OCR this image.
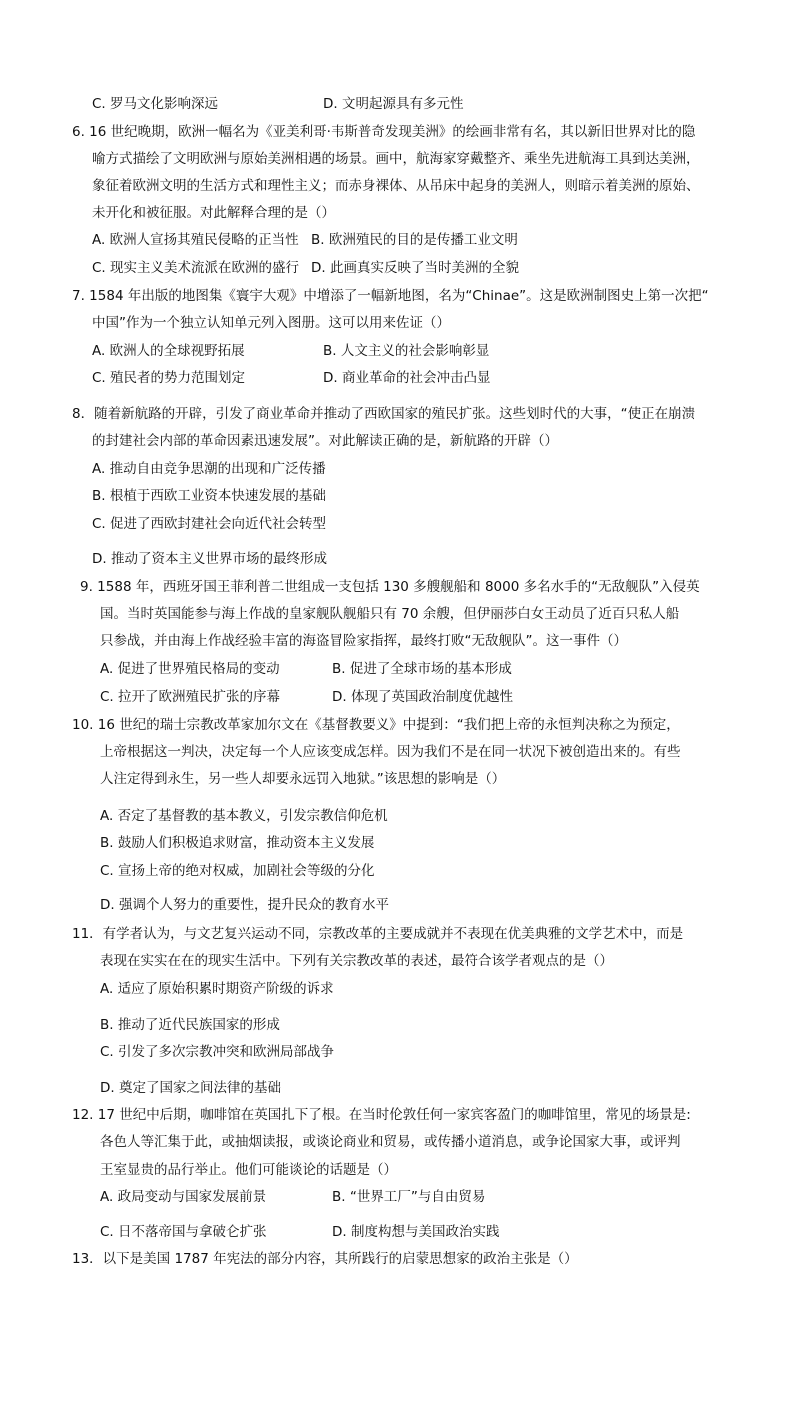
C. 罗马文化影响深远	D. 文明起源具有多元性
6. 16 世纪晚期，欧洲一幅名为《亚美利哥·韦斯普奇发现美洲》的绘画非常有名，其以新旧世界对比的隐
喻方式描绘了文明欧洲与原始美洲相遇的场景。画中，航海家穿戴整齐、乘坐先进航海工具到达美洲，
象征着欧洲文明的生活方式和理性主义；而赤身裸体、从吊床中起身的美洲人，则暗示着美洲的原始、
未开化和被征服。对此解释合理的是（）
A. 欧洲人宣扬其殖民侵略的正当性 B. 欧洲殖民的目的是传播工业文明
C. 现实主义美术流派在欧洲的盛行 D. 此画真实反映了当时美洲的全貌
7. 1584 年出版的地图集《寰宇大观》中增添了一幅新地图，名为“Chinae”。这是欧洲制图史上第一次把“
中国”作为一个独立认知单元列入图册。这可以用来佐证（）
A. 欧洲人的全球视野拓展	B. 人文主义的社会影响彰显
C. 殖民者的势力范围划定	D. 商业革命的社会冲击凸显
8．随着新航路的开辟，引发了商业革命并推动了西欧国家的殖民扩张。这些划时代的大事，“使正在崩溃
的封建社会内部的革命因素迅速发展”。对此解读正确的是，新航路的开辟（）
A. 推动自由竞争思潮的出现和广泛传播
B. 根植于西欧工业资本快速发展的基础
C. 促进了西欧封建社会向近代社会转型
D. 推动了资本主义世界市场的最终形成
9. 1588 年，西班牙国王菲利普二世组成一支包括 130 多艘舰船和 8000 多名水手的“无敌舰队”入侵英
国。当时英国能参与海上作战的皇家舰队舰船只有 70 余艘，但伊丽莎白女王动员了近百只私人船
只参战，并由海上作战经验丰富的海盗冒险家指挥，最终打败“无敌舰队”。这一事件（）
A. 促进了世界殖民格局的变动	B. 促进了全球市场的基本形成
C. 拉开了欧洲殖民扩张的序幕	D. 体现了英国政治制度优越性
10. 16 世纪的瑞士宗教改革家加尔文在《基督教要义》中提到：“我们把上帝的永恒判决称之为预定，
上帝根据这一判决，决定每一个人应该变成怎样。因为我们不是在同一状况下被创造出来的。有些
人注定得到永生，另一些人却要永远罚入地狱。”该思想的影响是（）
A. 否定了基督教的基本教义，引发宗教信仰危机
B. 鼓励人们积极追求财富，推动资本主义发展
C. 宣扬上帝的绝对权威，加剧社会等级的分化
D. 强调个人努力的重要性，提升民众的教育水平
11．有学者认为，与文艺复兴运动不同，宗教改革的主要成就并不表现在优美典雅的文学艺术中，而是
表现在实实在在的现实生活中。下列有关宗教改革的表述，最符合该学者观点的是（）
A. 适应了原始积累时期资产阶级的诉求
B. 推动了近代民族国家的形成
C. 引发了多次宗教冲突和欧洲局部战争
D. 奠定了国家之间法律的基础
12. 17 世纪中后期，咖啡馆在英国扎下了根。在当时伦敦任何一家宾客盈门的咖啡馆里，常见的场景是:
各色人等汇集于此，或抽烟读报，或谈论商业和贸易，或传播小道消息，或争论国家大事，或评判
王室显贵的品行举止。他们可能谈论的话题是（）
A. 政局变动与国家发展前景	B. “世界工厂”与自由贸易
C. 日不落帝国与拿破仑扩张	D. 制度构想与美国政治实践
13．以下是美国 1787 年宪法的部分内容，其所践行的启蒙思想家的政治主张是（）
